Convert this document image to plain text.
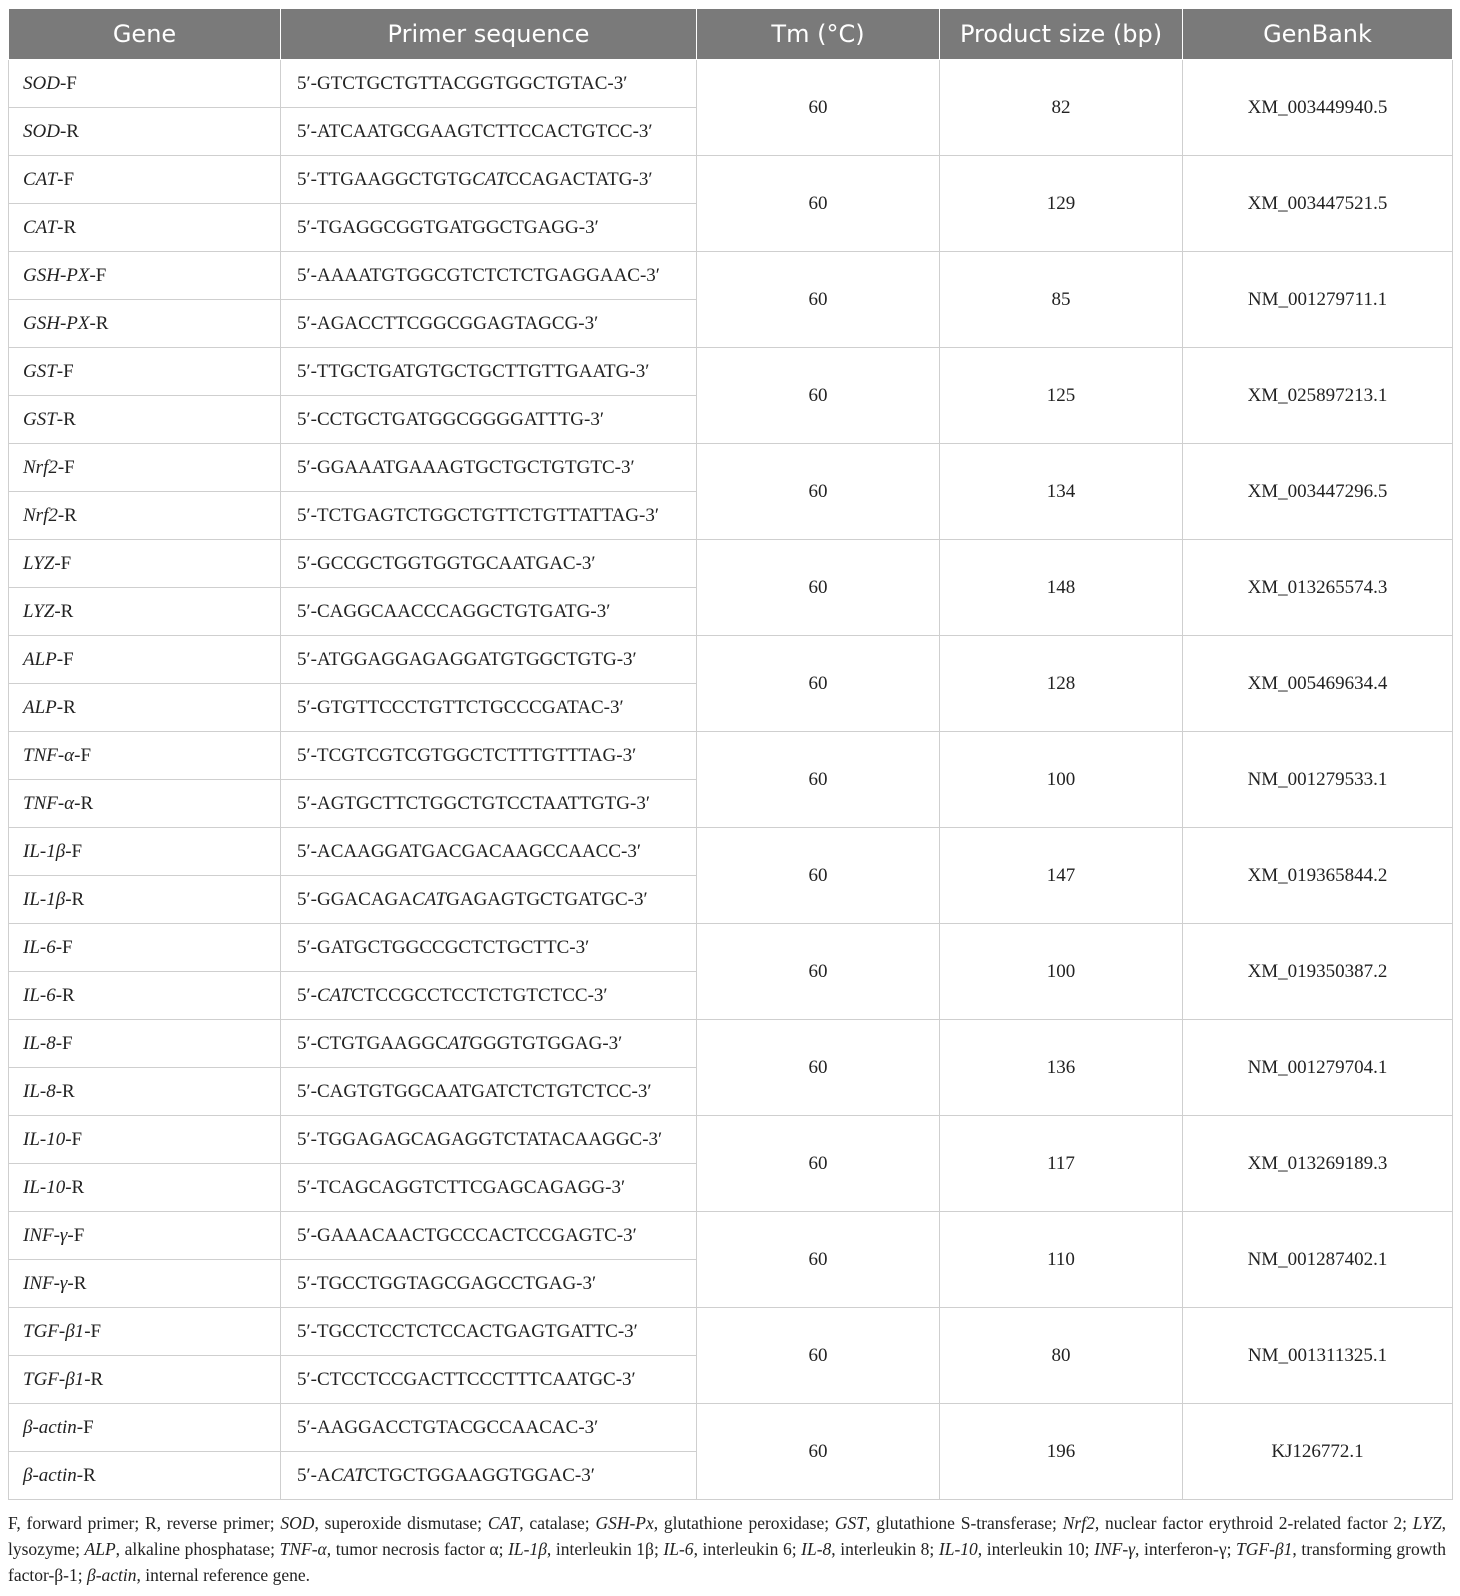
Gene	Primer sequence	Tm (°C)	Product size (bp)	GenBank
SOD-F	5′-GTCTGCTGTTACGGTGGCTGTAC-3′	60	82	XM_003449940.5
SOD-R	5′-ATCAATGCGAAGTCTTCCACTGTCC-3′			
CAT-F	5′-TTGAAGGCTGTGCATCCAGACTATG-3′	60	129	XM_003447521.5
CAT-R	5′-TGAGGCGGTGATGGCTGAGG-3′			
GSH-PX-F	5′-AAAATGTGGCGTCTCTCTGAGGAAC-3′	60	85	NM_001279711.1
GSH-PX-R	5′-AGACCTTCGGCGGAGTAGCG-3′			
GST-F	5′-TTGCTGATGTGCTGCTTGTTGAATG-3′	60	125	XM_025897213.1
GST-R	5′-CCTGCTGATGGCGGGGATTTG-3′			
Nrf2-F	5′-GGAAATGAAAGTGCTGCTGTGTC-3′	60	134	XM_003447296.5
Nrf2-R	5′-TCTGAGTCTGGCTGTTCTGTTATTAG-3′			
LYZ-F	5′-GCCGCTGGTGGTGCAATGAC-3′	60	148	XM_013265574.3
LYZ-R	5′-CAGGCAACCCAGGCTGTGATG-3′			
ALP-F	5′-ATGGAGGAGAGGATGTGGCTGTG-3′	60	128	XM_005469634.4
ALP-R	5′-GTGTTCCCTGTTCTGCCCGATAC-3′			
TNF-α-F	5′-TCGTCGTCGTGGCTCTTTGTTTAG-3′	60	100	NM_001279533.1
TNF-α-R	5′-AGTGCTTCTGGCTGTCCTAATTGTG-3′			
IL-1β-F	5′-ACAAGGATGACGACAAGCCAACC-3′	60	147	XM_019365844.2
IL-1β-R	5′-GGACAGACATGAGAGTGCTGATGC-3′			
IL-6-F	5′-GATGCTGGCCGCTCTGCTTC-3′	60	100	XM_019350387.2
IL-6-R	5′-CATCTCCGCCTCCTCTGTCTCC-3′			
IL-8-F	5′-CTGTGAAGGCATGGGTGTGGAG-3′	60	136	NM_001279704.1
IL-8-R	5′-CAGTGTGGCAATGATCTCTGTCTCC-3′			
IL-10-F	5′-TGGAGAGCAGAGGTCTATACAAGGC-3′	60	117	XM_013269189.3
IL-10-R	5′-TCAGCAGGTCTTCGAGCAGAGG-3′			
INF-γ-F	5′-GAAACAACTGCCCACTCCGAGTC-3′	60	110	NM_001287402.1
INF-γ-R	5′-TGCCTGGTAGCGAGCCTGAG-3′			
TGF-β1-F	5′-TGCCTCCTCTCCACTGAGTGATTC-3′	60	80	NM_001311325.1
TGF-β1-R	5′-CTCCTCCGACTTCCCTTTCAATGC-3′			
β-actin-F	5′-AAGGACCTGTACGCCAACAC-3′	60	196	KJ126772.1
β-actin-R	5′-ACATCTGCTGGAAGGTGGAC-3′			
F, forward primer; R, reverse primer; SOD, superoxide dismutase; CAT, catalase; GSH-Px, glutathione peroxidase; GST, glutathione S-transferase; Nrf2, nuclear factor erythroid 2-related factor 2; LYZ, lysozyme; ALP, alkaline phosphatase; TNF-α, tumor necrosis factor α; IL-1β, interleukin 1β; IL-6, interleukin 6; IL-8, interleukin 8; IL-10, interleukin 10; INF-γ, interferon-γ; TGF-β1, transforming growth factor-β-1; β-actin, internal reference gene.
